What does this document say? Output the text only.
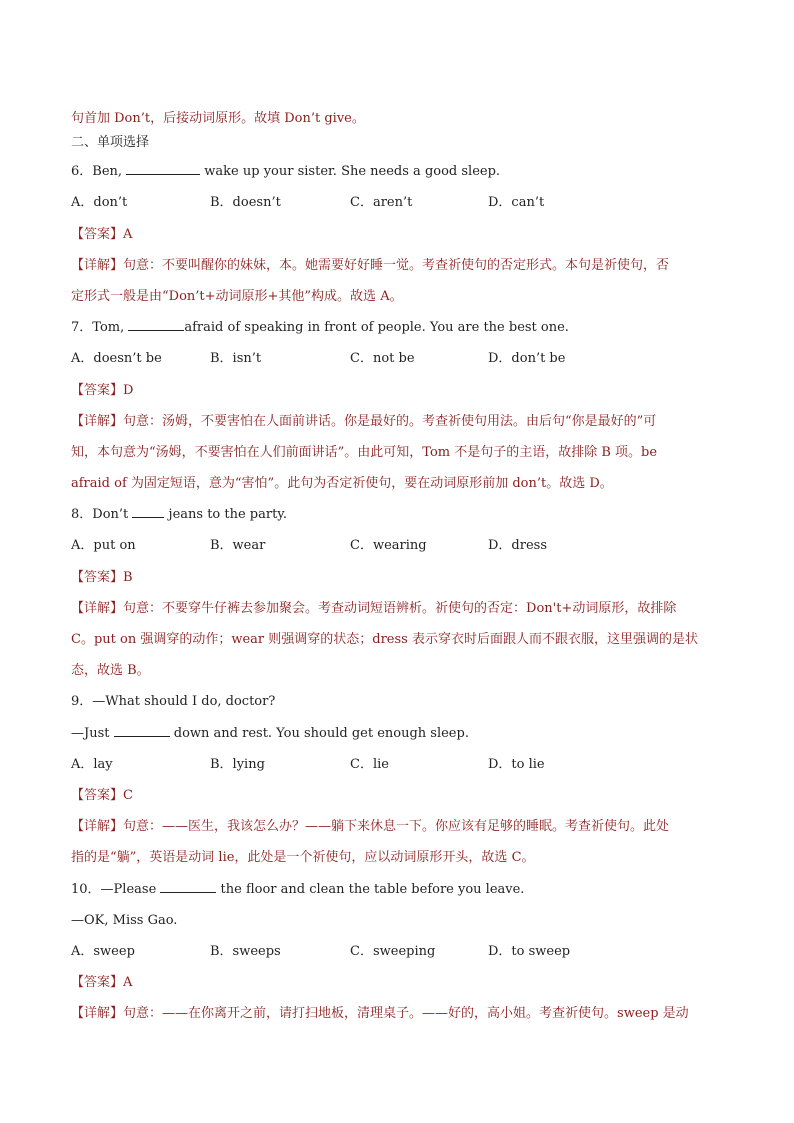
句首加 Don’t，后接动词原形。故填 Don’t give。
二、单项选择
6．Ben,	wake up your sister. She needs a good sleep.
A．don’t	B．doesn’t	C．aren’t	D．can’t
【答案】A
【详解】句意：不要叫醒你的妹妹，本。她需要好好睡一觉。考查祈使句的否定形式。本句是祈使句，否
定形式一般是由“Don’t+动词原形+其他”构成。故选 A。
7．Tom,	afraid of speaking in front of people. You are the best one.
A．doesn’t be	B．isn’t	C．not be	D．don’t be
【答案】D
【详解】句意：汤姆，不要害怕在人面前讲话。你是最好的。考查祈使句用法。由后句“你是最好的”可
知，本句意为“汤姆，不要害怕在人们前面讲话”。由此可知，Tom 不是句子的主语，故排除 B 项。be
afraid of 为固定短语，意为“害怕”。此句为否定祈使句，要在动词原形前加 don’t。故选 D。
8．Don’t  jeans to the party.
A．put on	B．wear	C．wearing	D．dress
【答案】B
【详解】句意：不要穿牛仔裤去参加聚会。考查动词短语辨析。祈使句的否定：Don't+动词原形，故排除
C。put on 强调穿的动作；wear 则强调穿的状态；dress 表示穿衣时后面跟人而不跟衣服，这里强调的是状
态，故选 B。
9．—What should I do, doctor?
—Just	down and rest. You should get enough sleep.
A．lay	B．lying	C．lie	D．to lie
【答案】C
【详解】句意：——医生，我该怎么办？——躺下来休息一下。你应该有足够的睡眠。考查祈使句。此处
指的是“躺”，英语是动词 lie，此处是一个祈使句，应以动词原形开头，故选 C。
10．—Please	the floor and clean the table before you leave.
—OK, Miss Gao.
A．sweep	B．sweeps	C．sweeping	D．to sweep
【答案】A
【详解】句意：——在你离开之前，请打扫地板，清理桌子。——好的，高小姐。考查祈使句。sweep 是动
